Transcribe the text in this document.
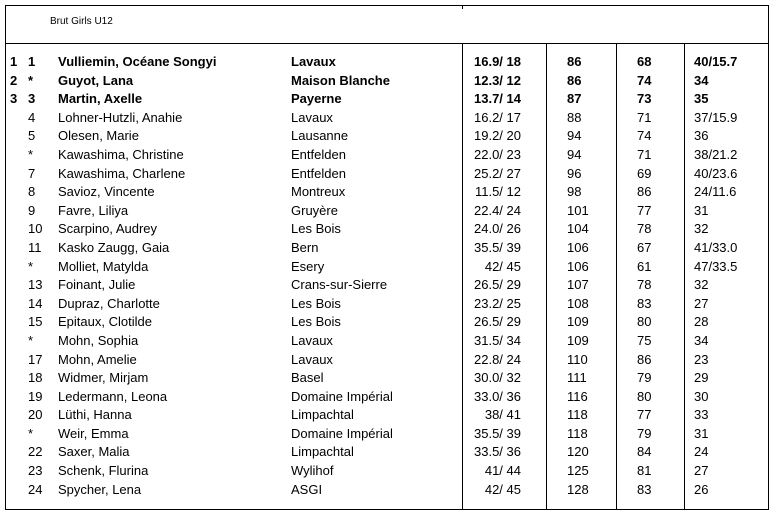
Brut Girls U12
1 1 Vulliemin, Océane Songyi	Lavaux	16.9/ 18	86	68	40/15.7
2 * Guyot, Lana	Maison Blanche	12.3/ 12	86	74	34
3 3 Martin, Axelle	Payerne	13.7/ 14	87	73	35
4 Lohner-Hutzli, Anahie	Lavaux	16.2/ 17	88	71	37/15.9
5 Olesen, Marie	Lausanne	19.2/ 20	94	74	36
* Kawashima, Christine	Entfelden	22.0/ 23	94	71	38/21.2
7 Kawashima, Charlene	Entfelden	25.2/ 27	96	69	40/23.6
8 Savioz, Vincente	Montreux	11.5/ 12	98	86	24/11.6
9 Favre, Liliya	Gruyère	22.4/ 24	101	77	31
10 Scarpino, Audrey	Les Bois	24.0/ 26	104	78	32
11 Kasko Zaugg, Gaia	Bern	35.5/ 39	106	67	41/33.0
* Molliet, Matylda	Esery	42/ 45	106	61	47/33.5
13 Foinant, Julie	Crans-sur-Sierre	26.5/ 29	107	78	32
14 Dupraz, Charlotte	Les Bois	23.2/ 25	108	83	27
15 Epitaux, Clotilde	Les Bois	26.5/ 29	109	80	28
* Mohn, Sophia	Lavaux	31.5/ 34	109	75	34
17 Mohn, Amelie	Lavaux	22.8/ 24	110	86	23
18 Widmer, Mirjam	Basel	30.0/ 32	111	79	29
19 Ledermann, Leona	Domaine Impérial	33.0/ 36	116	80	30
20 Lüthi, Hanna	Limpachtal	38/ 41	118	77	33
* Weir, Emma	Domaine Impérial	35.5/ 39	118	79	31
22 Saxer, Malia	Limpachtal	33.5/ 36	120	84	24
23 Schenk, Flurina	Wylihof	41/ 44	125	81	27
24 Spycher, Lena	ASGI	42/ 45	128	83	26
